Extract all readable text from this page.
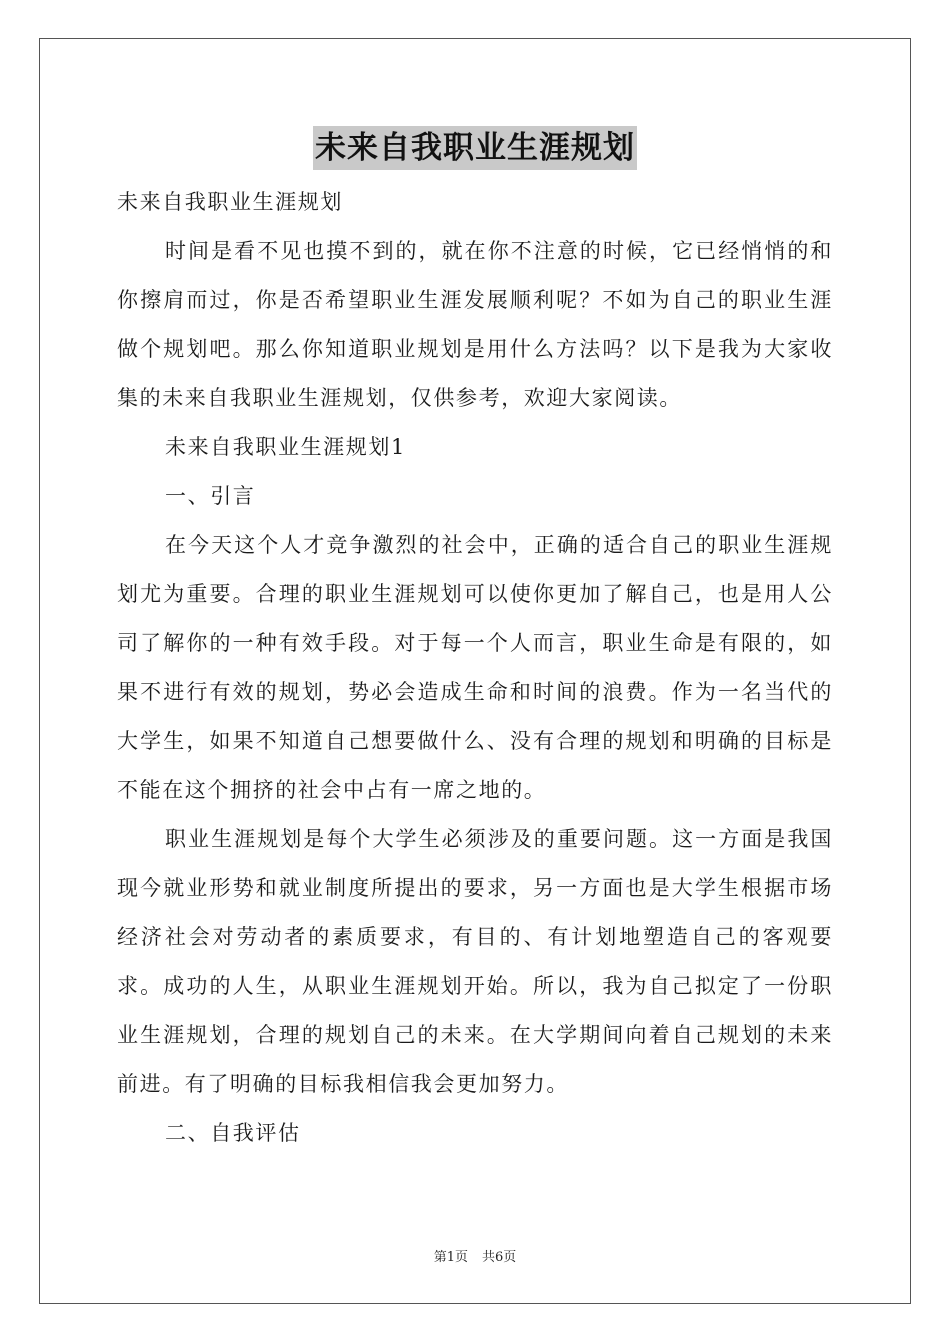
未来自我职业生涯规划

未来自我职业生涯规划

时间是看不见也摸不到的，就在你不注意的时候，它已经悄悄的和你擦肩而过，你是否希望职业生涯发展顺利呢？不如为自己的职业生涯做个规划吧。那么你知道职业规划是用什么方法吗？以下是我为大家收集的未来自我职业生涯规划，仅供参考，欢迎大家阅读。

未来自我职业生涯规划1

一、引言

在今天这个人才竞争激烈的社会中，正确的适合自己的职业生涯规划尤为重要。合理的职业生涯规划可以使你更加了解自己，也是用人公司了解你的一种有效手段。对于每一个人而言，职业生命是有限的，如果不进行有效的规划，势必会造成生命和时间的浪费。作为一名当代的大学生，如果不知道自己想要做什么、没有合理的规划和明确的目标是不能在这个拥挤的社会中占有一席之地的。

职业生涯规划是每个大学生必须涉及的重要问题。这一方面是我国现今就业形势和就业制度所提出的要求，另一方面也是大学生根据市场经济社会对劳动者的素质要求，有目的、有计划地塑造自己的客观要求。成功的人生，从职业生涯规划开始。所以，我为自己拟定了一份职业生涯规划，合理的规划自己的未来。在大学期间向着自己规划的未来前进。有了明确的目标我相信我会更加努力。

二、自我评估

第1页 共6页
